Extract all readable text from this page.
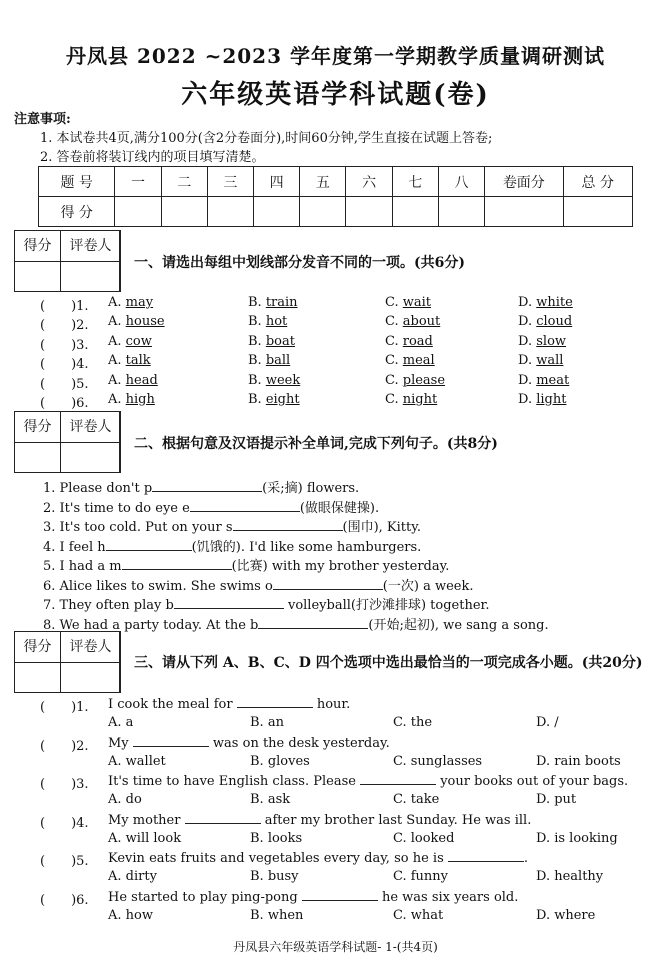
丹凤县 2022 ~2023 学年度第一学期教学质量调研测试
六年级英语学科试题(卷)
注意事项:
1. 本试卷共4页,满分100分(含2分卷面分),时间60分钟,学生直接在试题上答卷;
2. 答卷前将装订线内的项目填写清楚。
题 号	一	二	三	四	五	六	七	八	卷面分	总 分
得 分										
得分	评卷人
得分	评卷人
得分	评卷人
一、请选出每组中划线部分发音不同的一项。(共6分)
(　　)1. A. may	B. train	C. wait	D. white
(　　)2. A. house	B. hot	C. about	D. cloud
(　　)3. A. cow	B. boat	C. road	D. slow
(　　)4. A. talk	B. ball	C. meal	D. wall
(　　)5. A. head	B. week	C. please	D. meat
(　　)6. A. high	B. eight	C. night	D. light
二、根据句意及汉语提示补全单词,完成下列句子。(共8分)
1. Please don't p	(采;摘) flowers.
2. It's time to do eye e	(做眼保健操).
3. It's too cold. Put on your s	(围巾), Kitty.
4. I feel h	(饥饿的). I'd like some hamburgers.
5. I had a m	(比赛) with my brother yesterday.
6. Alice likes to swim. She swims o	(一次) a week.
7. They often play b	volleyball(打沙滩排球) together.
8. We had a party today. At the b	(开始;起初), we sang a song.
三、请从下列 A、B、C、D 四个选项中选出最恰当的一项完成各小题。(共20分)
(　　)1. I cook the meal for	hour.
A. a	B. an	C. the	D. /
(　　)2. My	was on the desk yesterday.
A. wallet	B. gloves	C. sunglasses	D. rain boots
(　　)3. It's time to have English class. Please	your books out of your bags.
A. do	B. ask	C. take	D. put
(　　)4. My mother	after my brother last Sunday. He was ill.
A. will look	B. looks	C. looked	D. is looking
(　　)5. Kevin eats fruits and vegetables every day, so he is	.
A. dirty	B. busy	C. funny	D. healthy
(　　)6. He started to play ping-pong	he was six years old.
A. how	B. when	C. what	D. where
丹凤县六年级英语学科试题- 1-(共4页)
